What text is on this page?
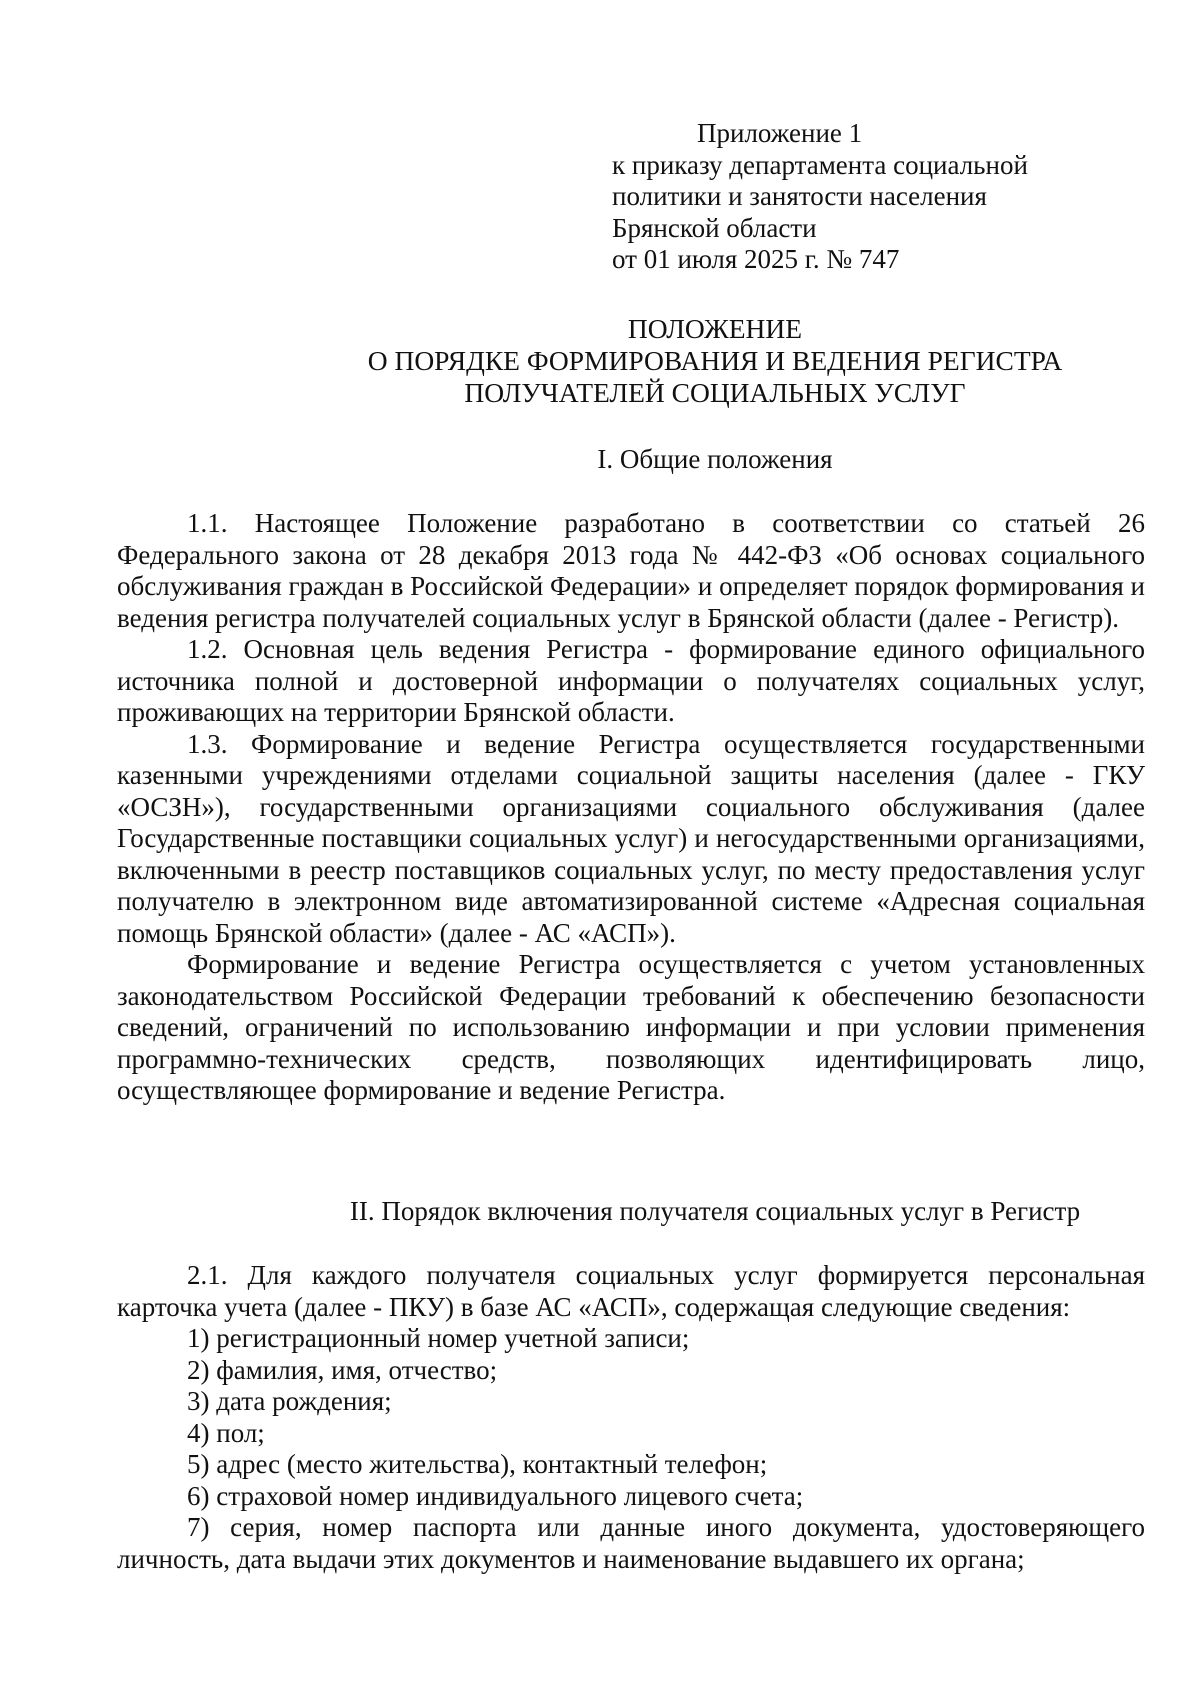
Приложение 1
к приказу департамента социальной
политики и занятости населения
Брянской области
от 01 июля 2025 г. № 747
ПОЛОЖЕНИЕ
О ПОРЯДКЕ ФОРМИРОВАНИЯ И ВЕДЕНИЯ РЕГИСТРА
ПОЛУЧАТЕЛЕЙ СОЦИАЛЬНЫХ УСЛУГ
I. Общие положения
1.1. Настоящее Положение разработано в соответствии со статьей 26 Федерального закона от 28 декабря 2013 года № 442-ФЗ «Об основах социального обслуживания граждан в Российской Федерации» и определяет порядок формирования и ведения регистра получателей социальных услуг в Брянской области (далее - Регистр).
1.2. Основная цель ведения Регистра - формирование единого официального источника полной и достоверной информации о получателях социальных услуг, проживающих на территории Брянской области.
1.3. Формирование и ведение Регистра осуществляется государственными казенными учреждениями отделами социальной защиты населения (далее - ГКУ «ОСЗН»), государственными организациями социального обслуживания (далее Государственные поставщики социальных услуг) и негосударственными организациями, включенными в реестр поставщиков социальных услуг, по месту предоставления услуг получателю в электронном виде автоматизированной системе «Адресная социальная помощь Брянской области» (далее - АС «АСП»).
Формирование и ведение Регистра осуществляется с учетом установленных законодательством Российской Федерации требований к обеспечению безопасности сведений, ограничений по использованию информации и при условии применения программно-технических средств, позволяющих идентифицировать лицо, осуществляющее формирование и ведение Регистра.
II. Порядок включения получателя социальных услуг в Регистр
2.1. Для каждого получателя социальных услуг формируется персональная карточка учета (далее - ПКУ) в базе АС «АСП», содержащая следующие сведения:
1) регистрационный номер учетной записи;
2) фамилия, имя, отчество;
3) дата рождения;
4) пол;
5) адрес (место жительства), контактный телефон;
6) страховой номер индивидуального лицевого счета;
7) серия, номер паспорта или данные иного документа, удостоверяющего личность, дата выдачи этих документов и наименование выдавшего их органа;
